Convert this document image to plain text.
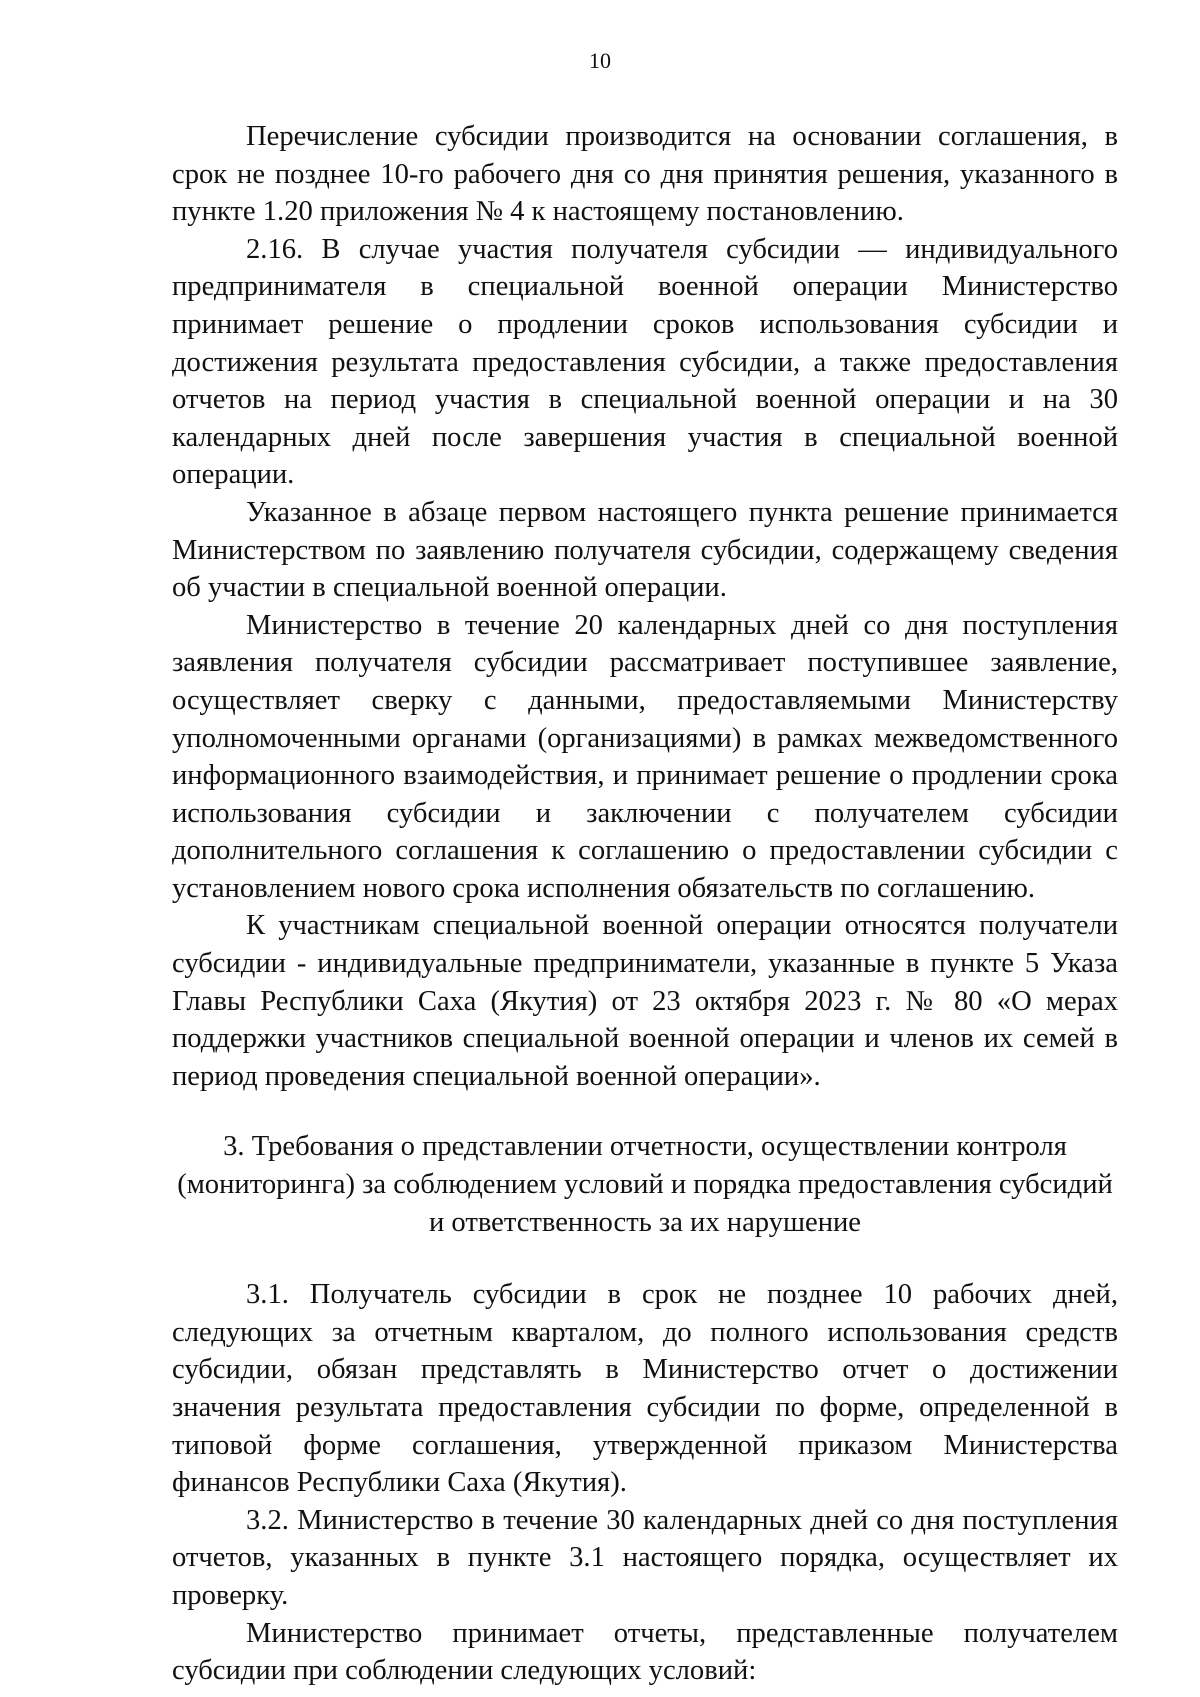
10

Перечисление субсидии производится на основании соглашения, в срок не позднее 10-го рабочего дня со дня принятия решения, указанного в пункте 1.20 приложения № 4 к настоящему постановлению.

2.16. В случае участия получателя субсидии — индивидуального предпринимателя в специальной военной операции Министерство принимает решение о продлении сроков использования субсидии и достижения результата предоставления субсидии, а также предоставления отчетов на период участия в специальной военной операции и на 30 календарных дней после завершения участия в специальной военной операции.

Указанное в абзаце первом настоящего пункта решение принимается Министерством по заявлению получателя субсидии, содержащему сведения об участии в специальной военной операции.

Министерство в течение 20 календарных дней со дня поступления заявления получателя субсидии рассматривает поступившее заявление, осуществляет сверку с данными, предоставляемыми Министерству уполномоченными органами (организациями) в рамках межведомственного информационного взаимодействия, и принимает решение о продлении срока использования субсидии и заключении с получателем субсидии дополнительного соглашения к соглашению о предоставлении субсидии с установлением нового срока исполнения обязательств по соглашению.

К участникам специальной военной операции относятся получатели субсидии - индивидуальные предприниматели, указанные в пункте 5 Указа Главы Республики Саха (Якутия) от 23 октября 2023 г. № 80 «О мерах поддержки участников специальной военной операции и членов их семей в период проведения специальной военной операции».

3. Требования о представлении отчетности, осуществлении контроля (мониторинга) за соблюдением условий и порядка предоставления субсидий и ответственность за их нарушение

3.1. Получатель субсидии в срок не позднее 10 рабочих дней, следующих за отчетным кварталом, до полного использования средств субсидии, обязан представлять в Министерство отчет о достижении значения результата предоставления субсидии по форме, определенной в типовой форме соглашения, утвержденной приказом Министерства финансов Республики Саха (Якутия).

3.2. Министерство в течение 30 календарных дней со дня поступления отчетов, указанных в пункте 3.1 настоящего порядка, осуществляет их проверку.

Министерство принимает отчеты, представленные получателем субсидии при соблюдении следующих условий:
